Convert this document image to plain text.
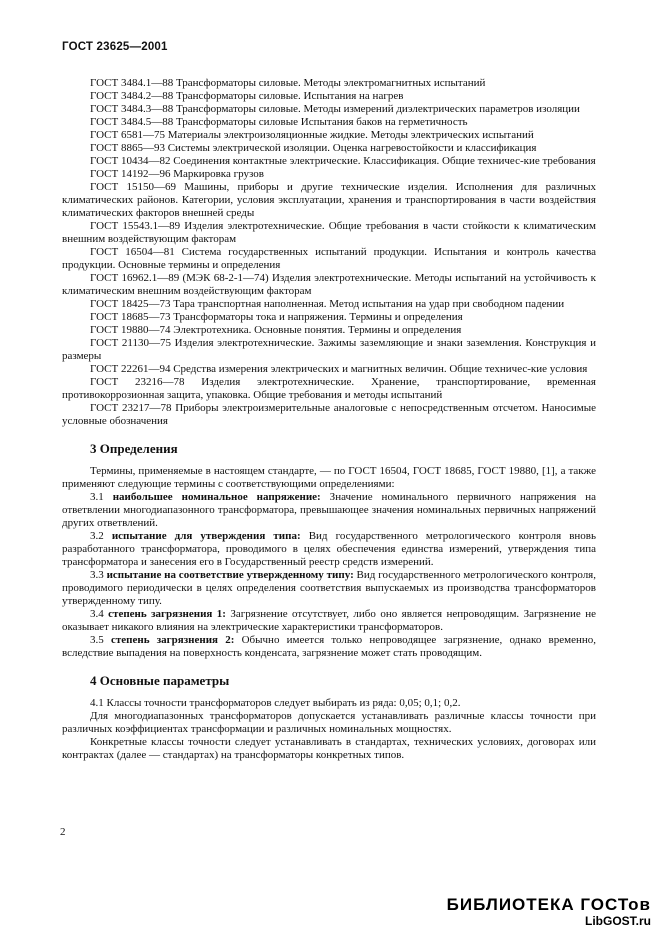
ГОСТ 23625—2001

ГОСТ 3484.1—88 Трансформаторы силовые. Методы электромагнитных испытаний

ГОСТ 3484.2—88 Трансформаторы силовые. Испытания на нагрев

ГОСТ 3484.3—88 Трансформаторы силовые. Методы измерений диэлектрических параметров изоляции

ГОСТ 3484.5—88 Трансформаторы силовые Испытания баков на герметичность

ГОСТ 6581—75 Материалы электроизоляционные жидкие. Методы электрических испытаний

ГОСТ 8865—93 Системы электрической изоляции. Оценка нагревостойкости и классификация

ГОСТ 10434—82 Соединения контактные электрические. Классификация. Общие техничес-кие требования

ГОСТ 14192—96 Маркировка грузов

ГОСТ 15150—69 Машины, приборы и другие технические изделия. Исполнения для различных климатических районов. Категории, условия эксплуатации, хранения и транспортирования в части воздействия климатических факторов внешней среды

ГОСТ 15543.1—89 Изделия электротехнические. Общие требования в части стойкости к климатическим внешним воздействующим факторам

ГОСТ 16504—81 Система государственных испытаний продукции. Испытания и контроль качества продукции. Основные термины и определения

ГОСТ 16962.1—89 (МЭК 68-2-1—74) Изделия электротехнические. Методы испытаний на устойчивость к климатическим внешним воздействующим факторам

ГОСТ 18425—73 Тара транспортная наполненная. Метод испытания на удар при свободном падении

ГОСТ 18685—73 Трансформаторы тока и напряжения. Термины и определения

ГОСТ 19880—74 Электротехника. Основные понятия. Термины и определения

ГОСТ 21130—75 Изделия электротехнические. Зажимы заземляющие и знаки заземления. Конструкция и размеры

ГОСТ 22261—94 Средства измерения электрических и магнитных величин. Общие техничес-кие условия

ГОСТ 23216—78 Изделия электротехнические. Хранение, транспортирование, временная противокоррозионная защита, упаковка. Общие требования и методы испытаний

ГОСТ 23217—78 Приборы электроизмерительные аналоговые с непосредственным отсчетом. Наносимые условные обозначения

3 Определения

Термины, применяемые в настоящем стандарте, — по ГОСТ 16504, ГОСТ 18685, ГОСТ 19880, [1], а также применяют следующие термины с соответствующими определениями:

3.1 наибольшее номинальное напряжение: Значение номинального первичного напряжения на ответвлении многодиапазонного трансформатора, превышающее значения номинальных первичных напряжений других ответвлений.

3.2 испытание для утверждения типа: Вид государственного метрологического контроля вновь разработанного трансформатора, проводимого в целях обеспечения единства измерений, утверждения типа трансформатора и занесения его в Государственный реестр средств измерений.

3.3 испытание на соответствие утвержденному типу: Вид государственного метрологического контроля, проводимого периодически в целях определения соответствия выпускаемых из производства трансформаторов утвержденному типу.

3.4 степень загрязнения 1: Загрязнение отсутствует, либо оно является непроводящим. Загрязнение не оказывает никакого влияния на электрические характеристики трансформаторов.

3.5 степень загрязнения 2: Обычно имеется только непроводящее загрязнение, однако временно, вследствие выпадения на поверхность конденсата, загрязнение может стать проводящим.

4 Основные параметры

4.1 Классы точности трансформаторов следует выбирать из ряда: 0,05; 0,1; 0,2.

Для многодиапазонных трансформаторов допускается устанавливать различные классы точности при различных коэффициентах трансформации и различных номинальных мощностях.

Конкретные классы точности следует устанавливать в стандартах, технических условиях, договорах или контрактах (далее — стандартах) на трансформаторы конкретных типов.

2
БИБЛИОТЕКА ГОСТов
LibGOST.ru
